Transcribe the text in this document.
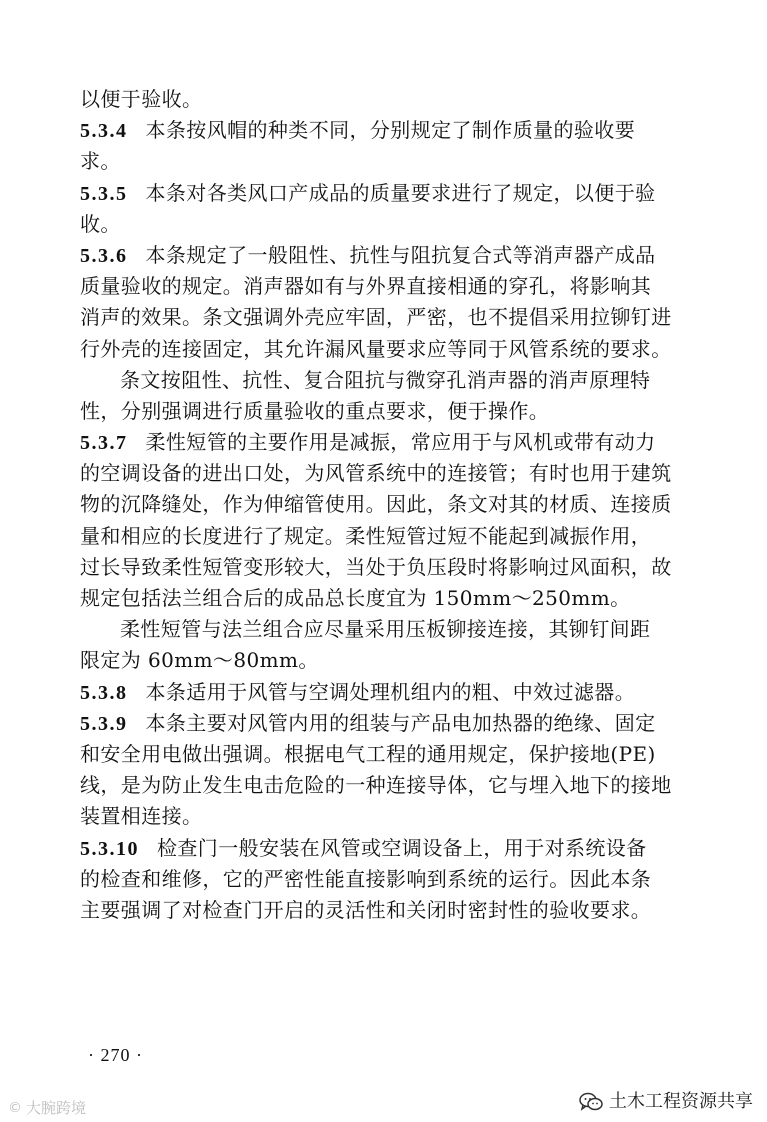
以便于验收。
5.3.4 本条按风帽的种类不同，分别规定了制作质量的验收要
求。
5.3.5 本条对各类风口产成品的质量要求进行了规定，以便于验
收。
5.3.6 本条规定了一般阻性、抗性与阻抗复合式等消声器产成品
质量验收的规定。消声器如有与外界直接相通的穿孔，将影响其
消声的效果。条文强调外壳应牢固，严密，也不提倡采用拉铆钉进
行外壳的连接固定，其允许漏风量要求应等同于风管系统的要求。
条文按阻性、抗性、复合阻抗与微穿孔消声器的消声原理特
性，分别强调进行质量验收的重点要求，便于操作。
5.3.7 柔性短管的主要作用是减振，常应用于与风机或带有动力
的空调设备的进出口处，为风管系统中的连接管；有时也用于建筑
物的沉降缝处，作为伸缩管使用。因此，条文对其的材质、连接质
量和相应的长度进行了规定。柔性短管过短不能起到减振作用，
过长导致柔性短管变形较大，当处于负压段时将影响过风面积，故
规定包括法兰组合后的成品总长度宜为 150mm～250mm。
柔性短管与法兰组合应尽量采用压板铆接连接，其铆钉间距
限定为 60mm～80mm。
5.3.8 本条适用于风管与空调处理机组内的粗、中效过滤器。
5.3.9 本条主要对风管内用的组装与产品电加热器的绝缘、固定
和安全用电做出强调。根据电气工程的通用规定，保护接地(PE)
线，是为防止发生电击危险的一种连接导体，它与埋入地下的接地
装置相连接。
5.3.10 检查门一般安装在风管或空调设备上，用于对系统设备
的检查和维修，它的严密性能直接影响到系统的运行。因此本条
主要强调了对检查门开启的灵活性和关闭时密封性的验收要求。
· 270 ·
土木工程资源共享
© 大腕跨境
